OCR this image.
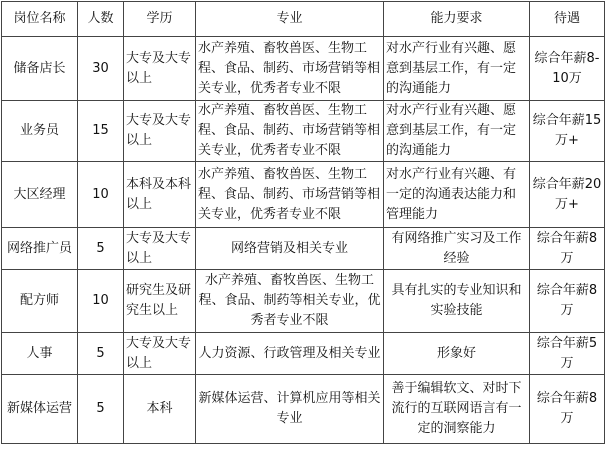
岗位名称	人数	学历	专业	能力要求	待遇
储备店长	30	大专及大专以上	水产养殖、畜牧兽医、生物工程、食品、制药、市场营销等相关专业，优秀者专业不限	对水产行业有兴趣、愿意到基层工作，有一定的沟通能力	综合年薪8-10万
业务员	15	大专及大专以上	水产养殖、畜牧兽医、生物工程、食品、制药、市场营销等相关专业，优秀者专业不限	对水产行业有兴趣、愿意到基层工作，有一定的沟通能力	综合年薪15万+
大区经理	10	本科及本科以上	水产养殖、畜牧兽医、生物工程、食品、制药、市场营销等相关专业，优秀者专业不限	对水产行业有兴趣、有一定的沟通表达能力和管理能力	综合年薪20万+
网络推广员	5	大专及大专以上	网络营销及相关专业	有网络推广实习及工作经验	综合年薪8万
配方师	10	研究生及研究生以上	水产养殖、畜牧兽医、生物工程、食品、制药等相关专业，优秀者专业不限	具有扎实的专业知识和实验技能	综合年薪8万
人事	5	大专及大专以上	人力资源、行政管理及相关专业	形象好	综合年薪5万
新媒体运营	5	本科	新媒体运营、计算机应用等相关专业	善于编辑软文、对时下流行的互联网语言有一定的洞察能力	综合年薪8万
